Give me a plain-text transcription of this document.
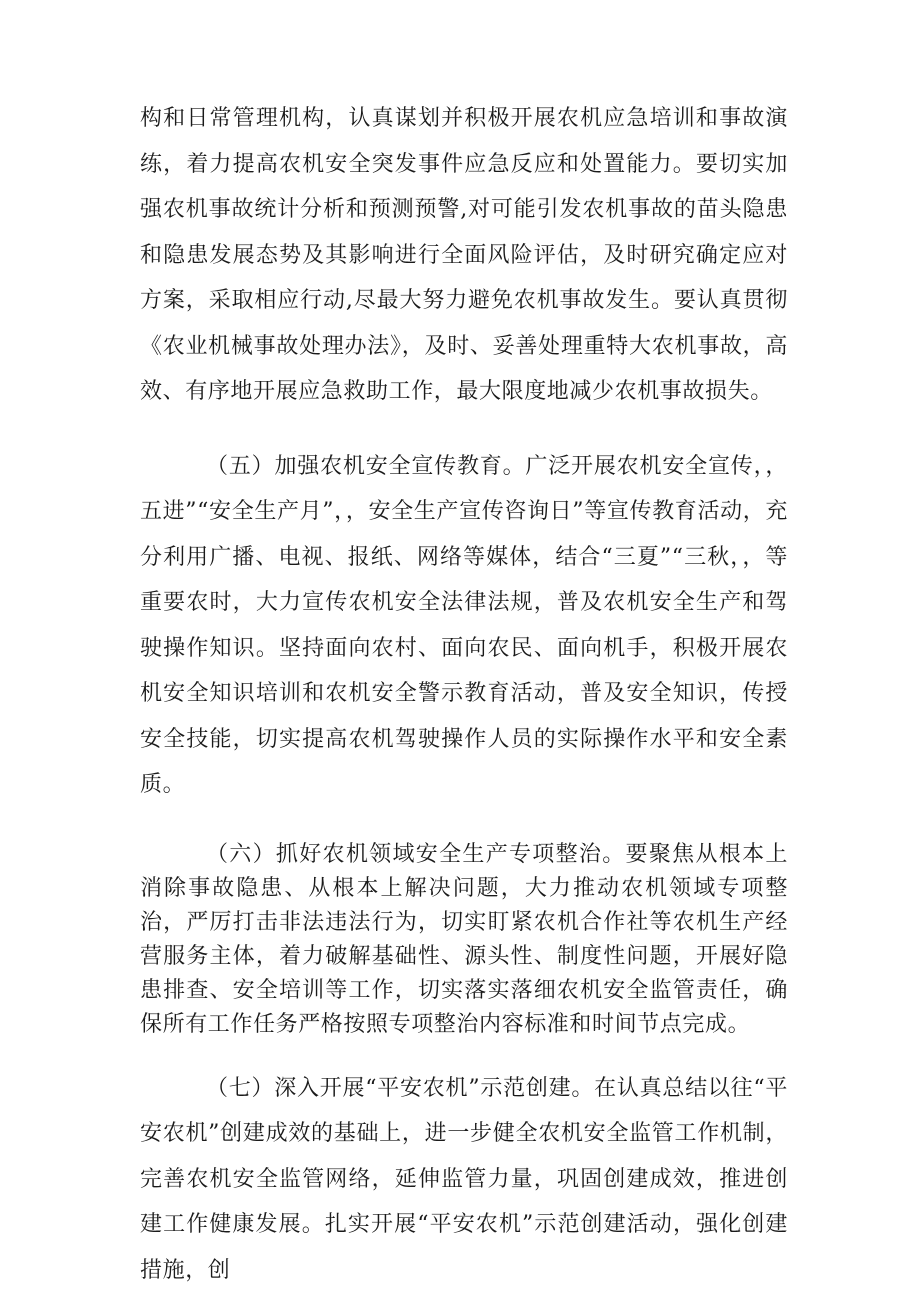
构和日常管理机构，认真谋划并积极开展农机应急培训和事故演练，着力提高农机安全突发事件应急反应和处置能力。要切实加强农机事故统计分析和预测预警,对可能引发农机事故的苗头隐患和隐患发展态势及其影响进行全面风险评估，及时研究确定应对方案，采取相应行动,尽最大努力避免农机事故发生。要认真贯彻《农业机械事故处理办法》，及时、妥善处理重特大农机事故，高效、有序地开展应急救助工作，最大限度地减少农机事故损失。

（五）加强农机安全宣传教育。广泛开展农机安全宣传，，五进”“安全生产月”，，安全生产宣传咨询日”等宣传教育活动，充分利用广播、电视、报纸、网络等媒体，结合“三夏”“三秋，，等重要农时，大力宣传农机安全法律法规，普及农机安全生产和驾驶操作知识。坚持面向农村、面向农民、面向机手，积极开展农机安全知识培训和农机安全警示教育活动，普及安全知识，传授安全技能，切实提高农机驾驶操作人员的实际操作水平和安全素质。

（六）抓好农机领域安全生产专项整治。要聚焦从根本上消除事故隐患、从根本上解决问题，大力推动农机领域专项整治，严厉打击非法违法行为，切实盯紧农机合作社等农机生产经营服务主体，着力破解基础性、源头性、制度性问题，开展好隐患排查、安全培训等工作，切实落实落细农机安全监管责任，确保所有工作任务严格按照专项整治内容标准和时间节点完成。

（七）深入开展“平安农机”示范创建。在认真总结以往“平安农机”创建成效的基础上，进一步健全农机安全监管工作机制，完善农机安全监管网络，延伸监管力量，巩固创建成效，推进创建工作健康发展。扎实开展“平安农机”示范创建活动，强化创建措施，创
